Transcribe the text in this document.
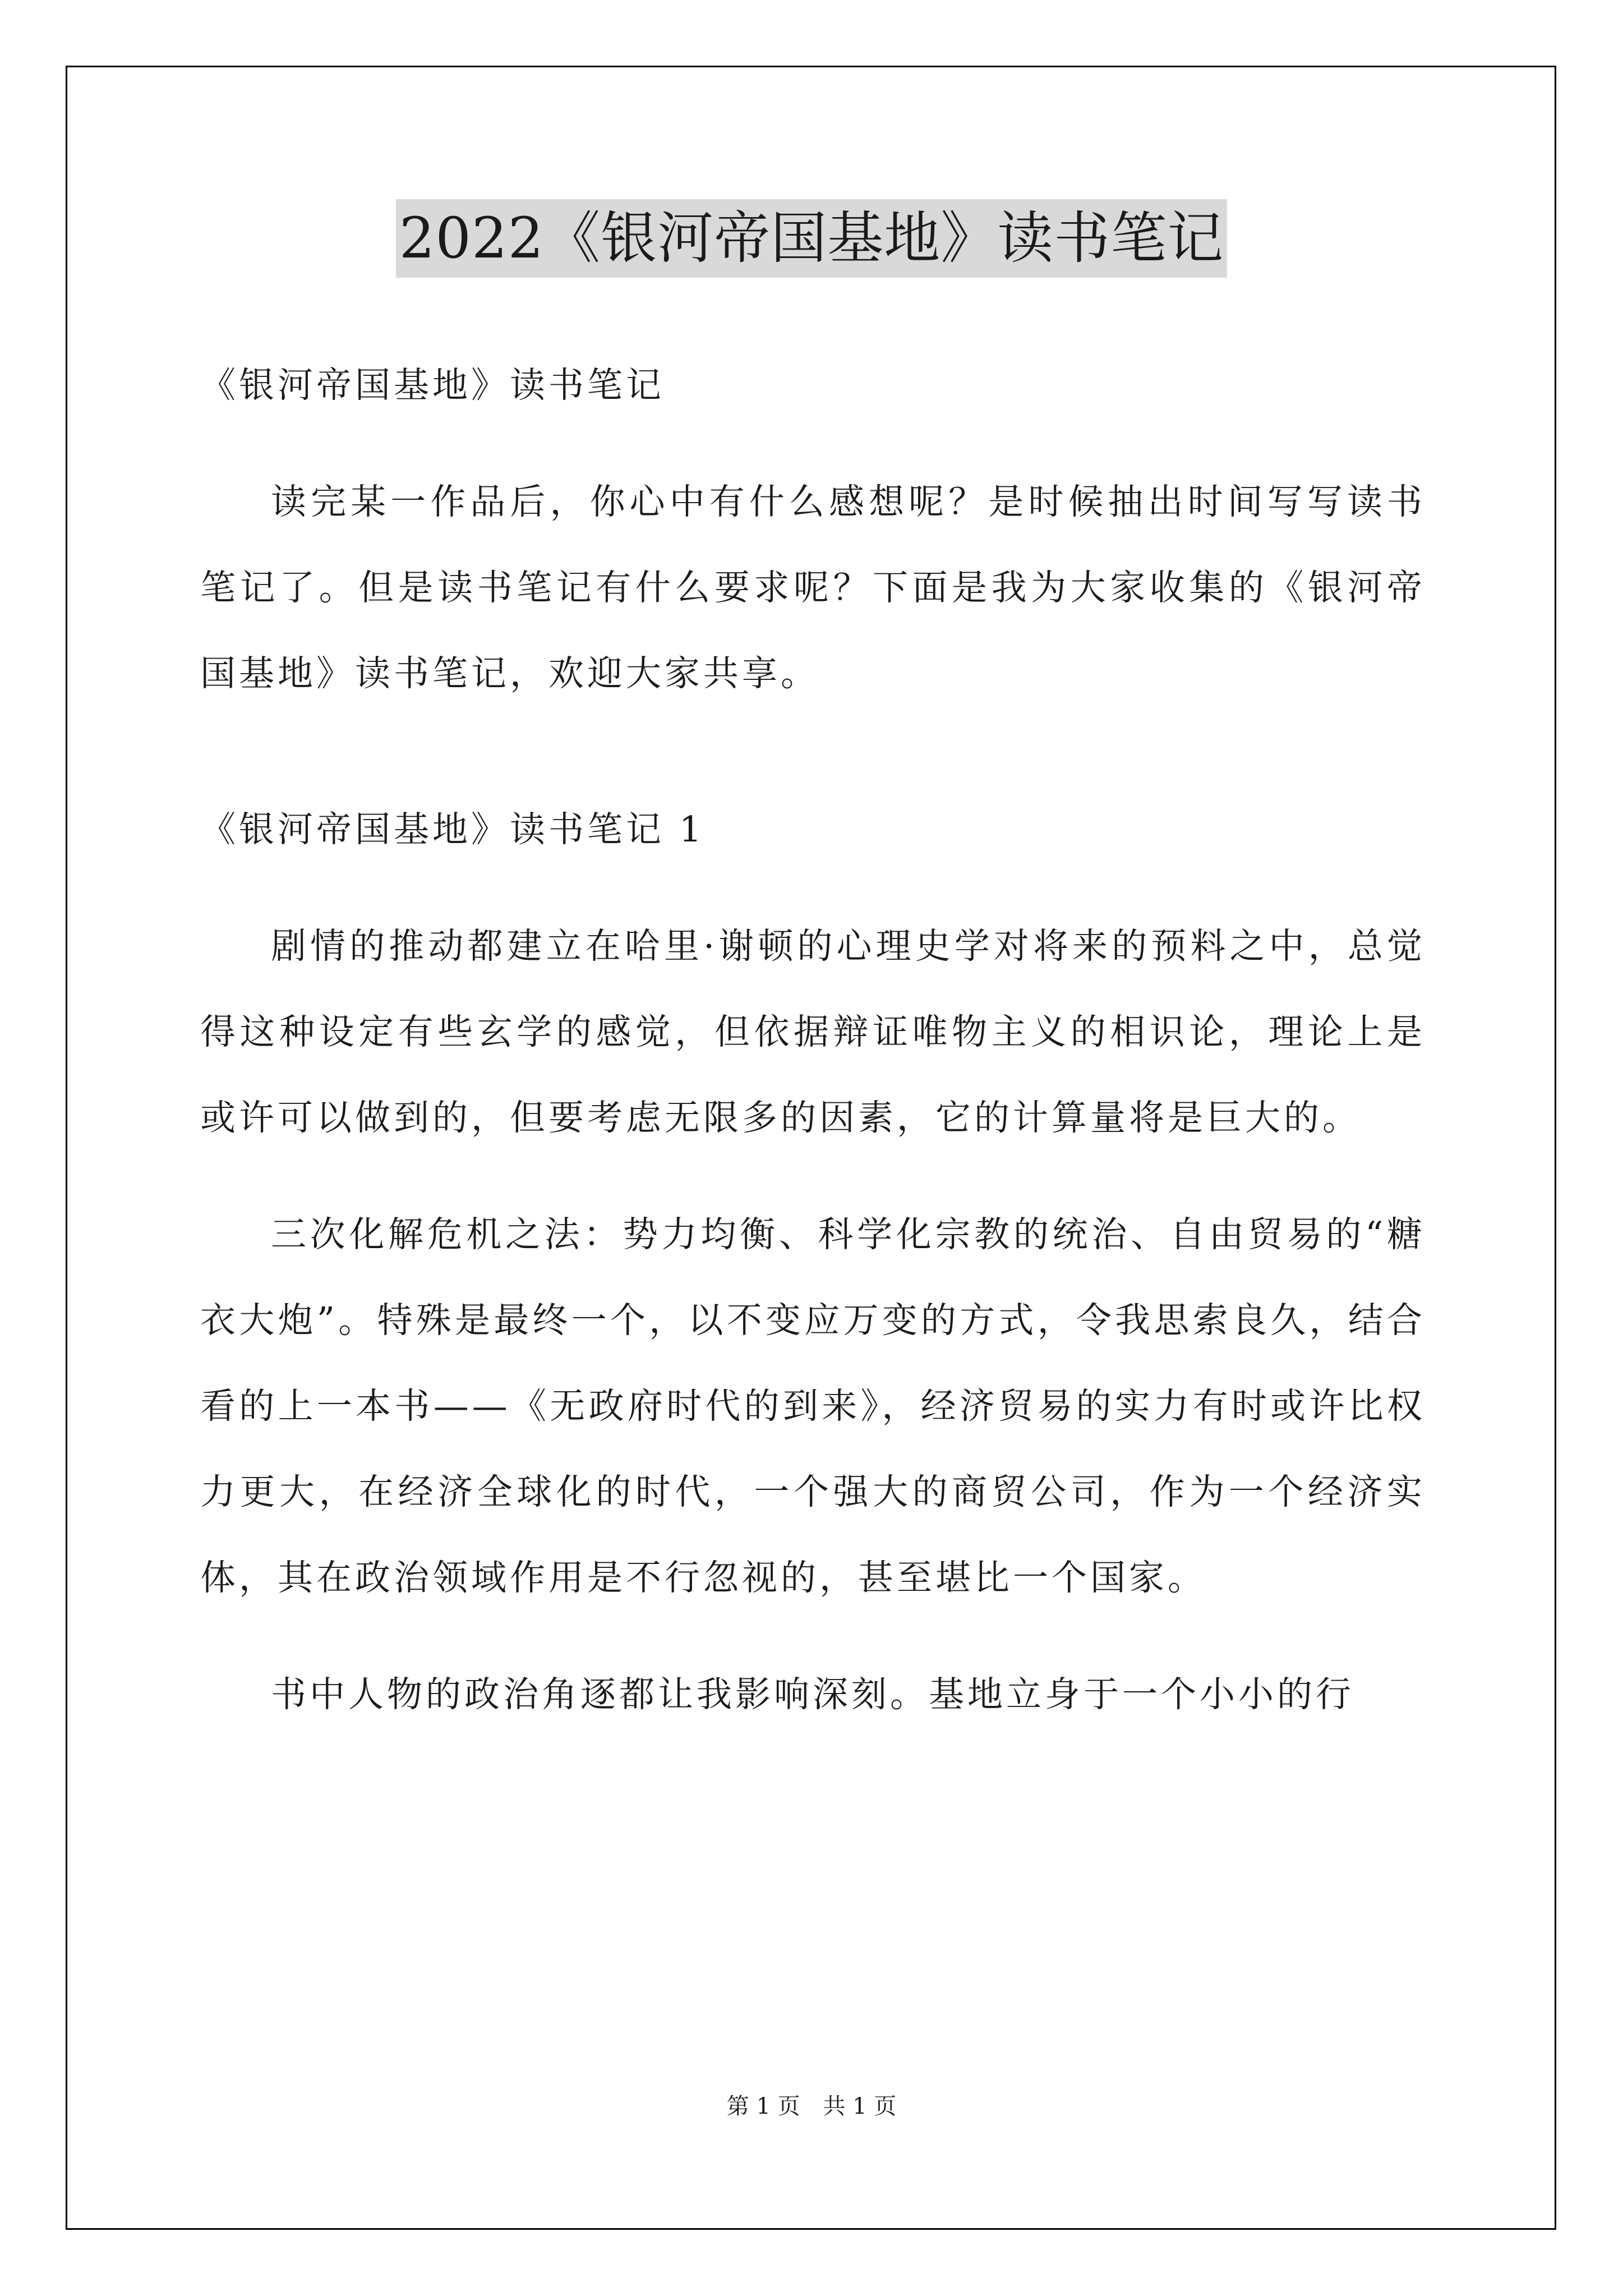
2022《银河帝国基地》读书笔记

《银河帝国基地》读书笔记

读完某一作品后，你心中有什么感想呢？是时候抽出时间写写读书笔记了。但是读书笔记有什么要求呢？下面是我为大家收集的《银河帝国基地》读书笔记，欢迎大家共享。

《银河帝国基地》读书笔记 1

剧情的推动都建立在哈里·谢顿的心理史学对将来的预料之中，总觉得这种设定有些玄学的感觉，但依据辩证唯物主义的相识论，理论上是或许可以做到的，但要考虑无限多的因素，它的计算量将是巨大的。

三次化解危机之法：势力均衡、科学化宗教的统治、自由贸易的“糖衣大炮”。特殊是最终一个，以不变应万变的方式，令我思索良久，结合看的上一本书——《无政府时代的到来》，经济贸易的实力有时或许比权力更大，在经济全球化的时代，一个强大的商贸公司，作为一个经济实体，其在政治领域作用是不行忽视的，甚至堪比一个国家。

书中人物的政治角逐都让我影响深刻。基地立身于一个小小的行

第 1 页 共 1 页
